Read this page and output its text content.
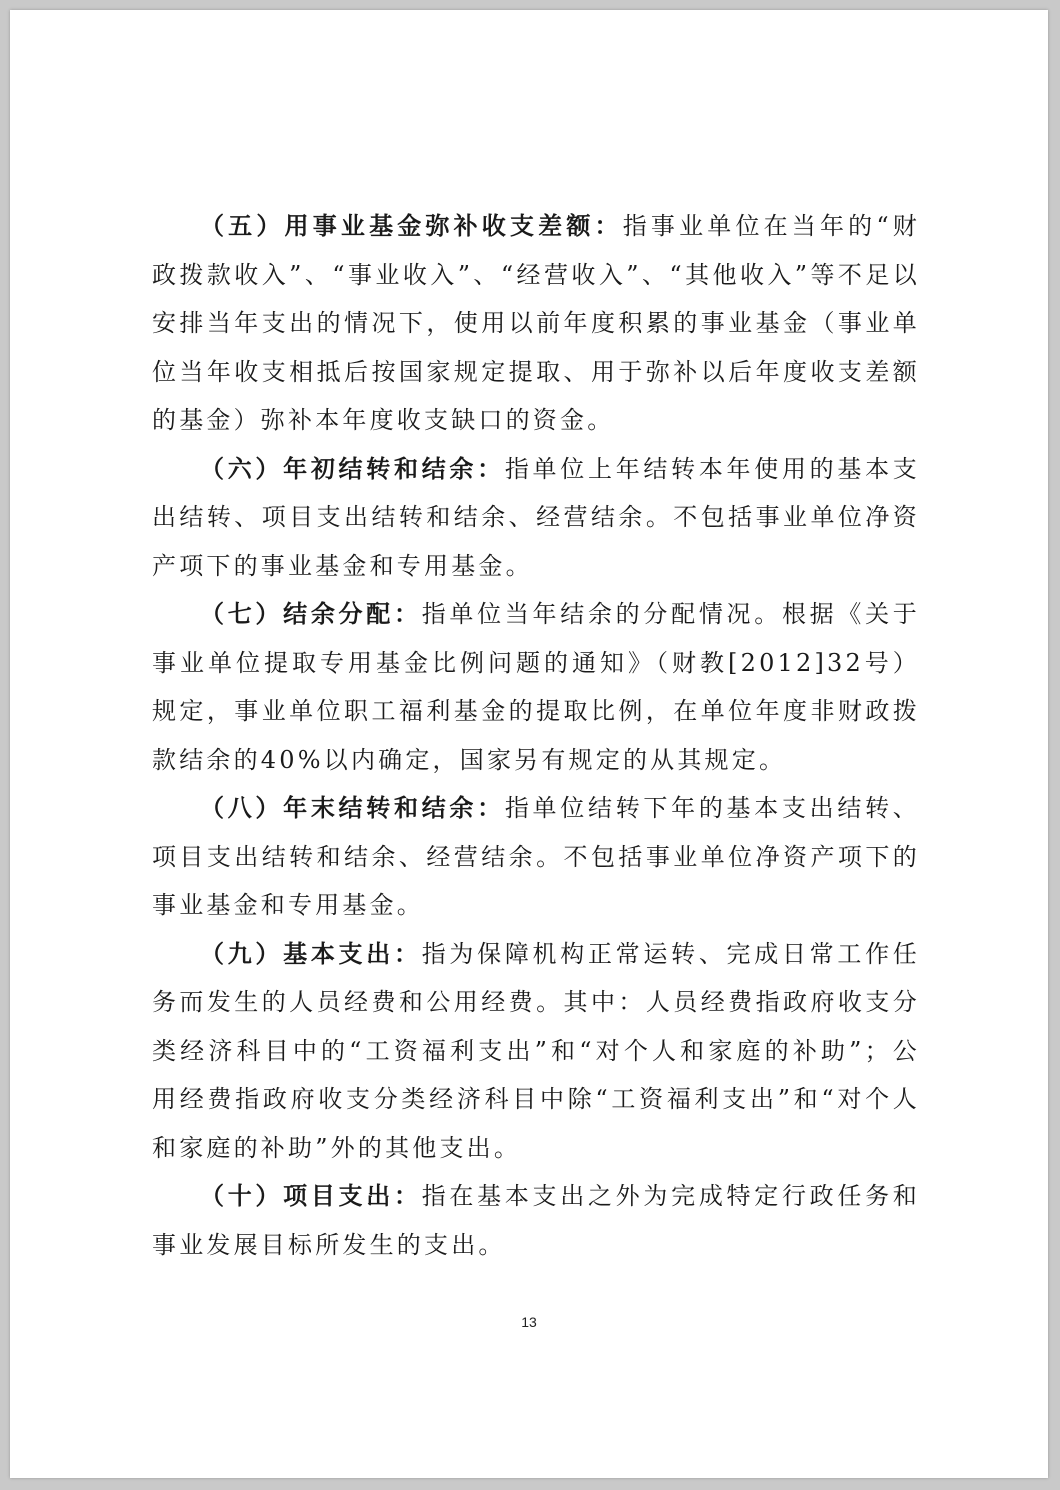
（五）用事业基金弥补收支差额：指事业单位在当年的“财政拨款收入”、“事业收入”、“经营收入”、“其他收入”等不足以安排当年支出的情况下，使用以前年度积累的事业基金（事业单位当年收支相抵后按国家规定提取、用于弥补以后年度收支差额的基金）弥补本年度收支缺口的资金。

（六）年初结转和结余：指单位上年结转本年使用的基本支出结转、项目支出结转和结余、经营结余。不包括事业单位净资产项下的事业基金和专用基金。

（七）结余分配：指单位当年结余的分配情况。根据《关于事业单位提取专用基金比例问题的通知》（财教[2012]32号）规定，事业单位职工福利基金的提取比例，在单位年度非财政拨款结余的40%以内确定，国家另有规定的从其规定。

（八）年末结转和结余：指单位结转下年的基本支出结转、项目支出结转和结余、经营结余。不包括事业单位净资产项下的事业基金和专用基金。

（九）基本支出：指为保障机构正常运转、完成日常工作任务而发生的人员经费和公用经费。其中：人员经费指政府收支分类经济科目中的“工资福利支出”和“对个人和家庭的补助”；公用经费指政府收支分类经济科目中除“工资福利支出”和“对个人和家庭的补助”外的其他支出。

（十）项目支出：指在基本支出之外为完成特定行政任务和事业发展目标所发生的支出。

13
